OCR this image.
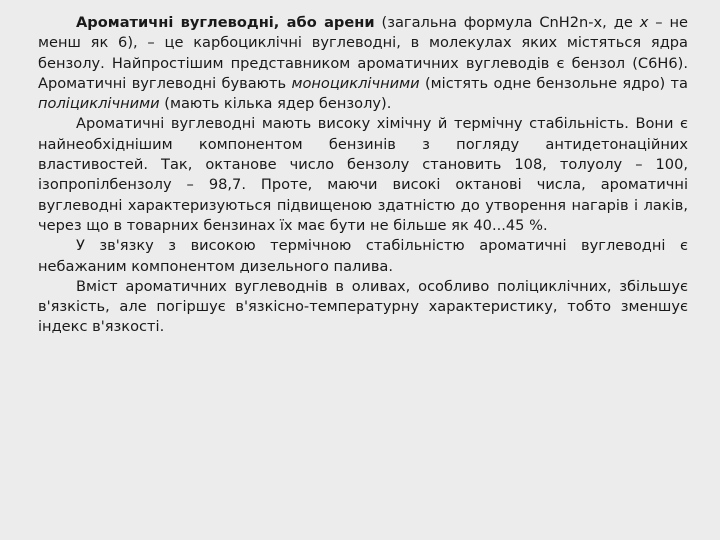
Ароматичні вуглеводні, або арени (загальна формула CnH2n-x, де x – не менш як 6), – це карбоциклічні вуглеводні, в молекулах яких містяться ядра бензолу. Найпростішим представником ароматичних вуглеводів є бензол (C6H6). Ароматичні вуглеводні бувають моноциклічними (містять одне бензольне ядро) та поліциклічними (мають кілька ядер бензолу).

Ароматичні вуглеводні мають високу хімічну й термічну стабільність. Вони є найнеобхіднішим компонентом бензинів з погляду антидетонаційних властивостей. Так, октанове число бензолу становить 108, толуолу – 100, ізопропілбензолу – 98,7. Проте, маючи високі октанові числа, ароматичні вуглеводні характеризуються підвищеною здатністю до утворення нагарів і лаків, через що в товарних бензинах їх має бути не більше як 40...45 %.

У зв'язку з високою термічною стабільністю ароматичні вуглеводні є небажаним компонентом дизельного палива.

Вміст ароматичних вуглеводнів в оливах, особливо поліциклічних, збільшує в'язкість, але погіршує в'язкісно-температурну характеристику, тобто зменшує індекс в'язкості.
